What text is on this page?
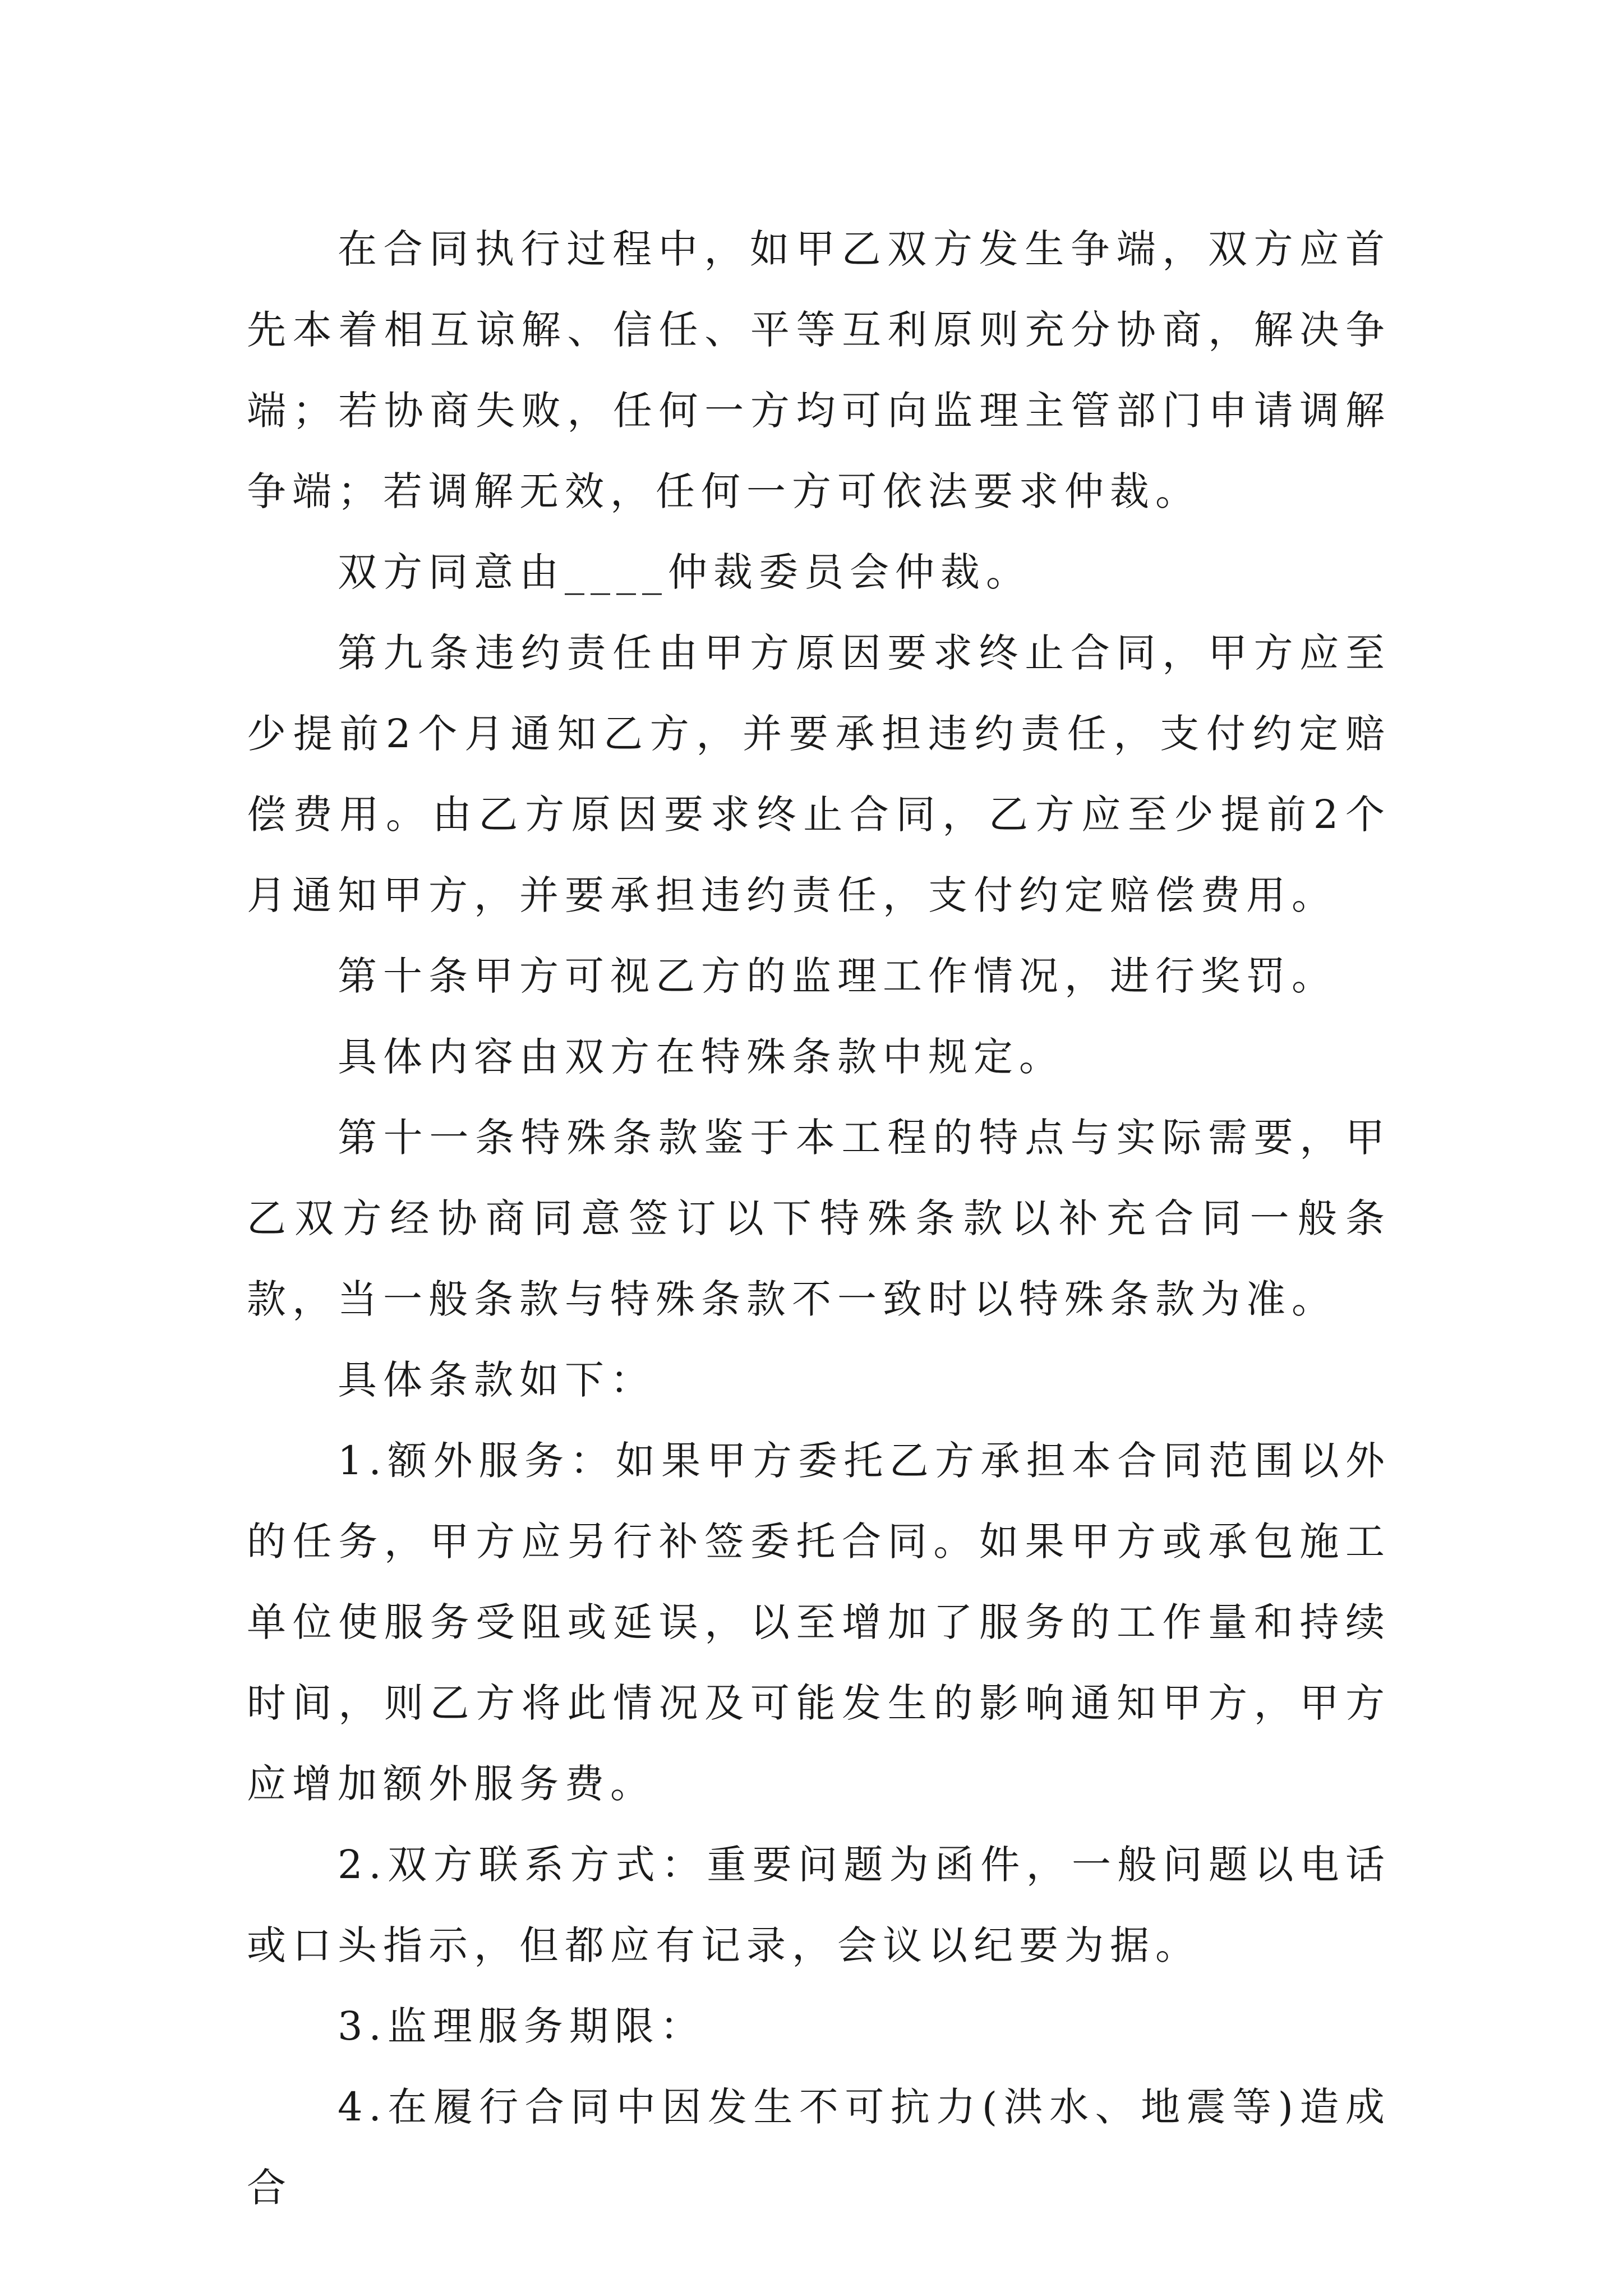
在合同执行过程中，如甲乙双方发生争端，双方应首先本着相互谅解、信任、平等互利原则充分协商，解决争端；若协商失败，任何一方均可向监理主管部门申请调解争端；若调解无效，任何一方可依法要求仲裁。

双方同意由____仲裁委员会仲裁。

第九条违约责任由甲方原因要求终止合同，甲方应至少提前2个月通知乙方，并要承担违约责任，支付约定赔偿费用。由乙方原因要求终止合同，乙方应至少提前2个月通知甲方，并要承担违约责任，支付约定赔偿费用。

第十条甲方可视乙方的监理工作情况，进行奖罚。

具体内容由双方在特殊条款中规定。

第十一条特殊条款鉴于本工程的特点与实际需要，甲乙双方经协商同意签订以下特殊条款以补充合同一般条款，当一般条款与特殊条款不一致时以特殊条款为准。

具体条款如下：

1.额外服务：如果甲方委托乙方承担本合同范围以外的任务，甲方应另行补签委托合同。如果甲方或承包施工单位使服务受阻或延误，以至增加了服务的工作量和持续时间，则乙方将此情况及可能发生的影响通知甲方，甲方应增加额外服务费。

2.双方联系方式：重要问题为函件，一般问题以电话或口头指示，但都应有记录，会议以纪要为据。

3.监理服务期限：

4.在履行合同中因发生不可抗力(洪水、地震等)造成合
